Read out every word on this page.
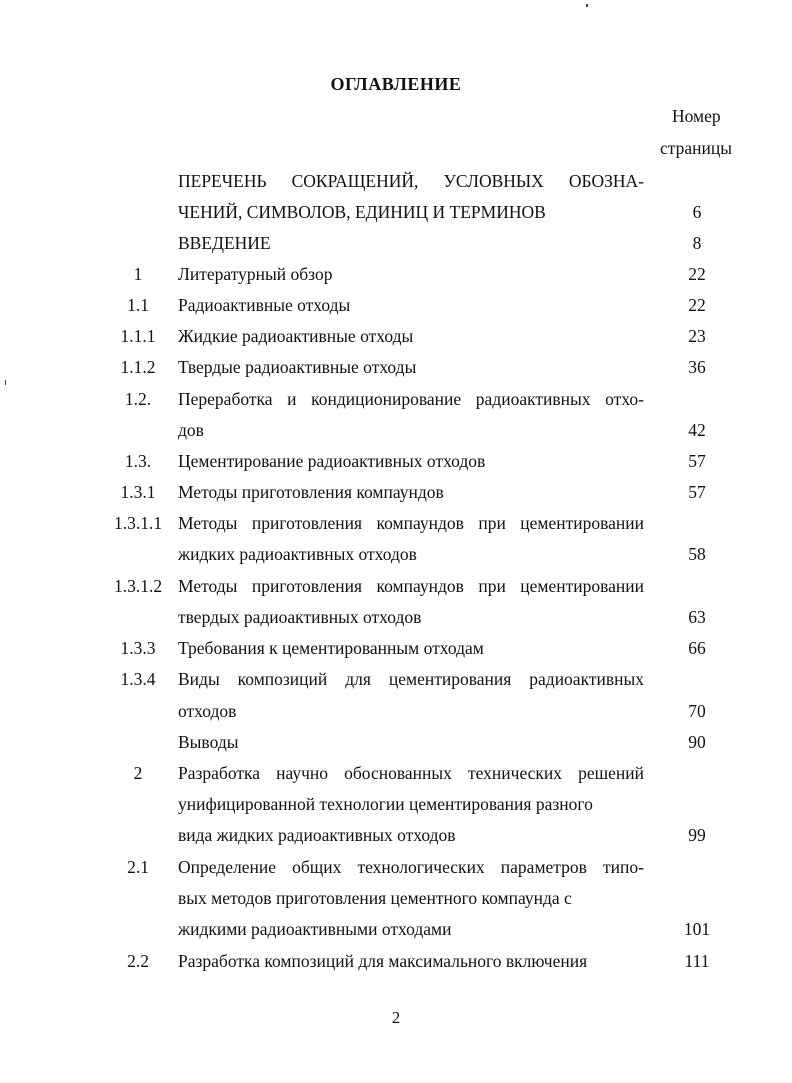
ОГЛАВЛЕНИЕ
Номер
страницы
ПЕРЕЧЕНЬ СОКРАЩЕНИЙ, УСЛОВНЫХ ОБОЗНА-
ЧЕНИЙ, СИМВОЛОВ, ЕДИНИЦ И ТЕРМИНОВ	6
ВВЕДЕНИЕ	8
1	Литературный обзор	22
1.1	Радиоактивные отходы	22
1.1.1	Жидкие радиоактивные отходы	23
1.1.2	Твердые радиоактивные отходы	36
1.2.	Переработка и кондиционирование радиоактивных отхо-
дов	42
1.3.	Цементирование радиоактивных отходов	57
1.3.1	Методы приготовления компаундов	57
1.3.1.1 Методы приготовления компаундов при цементировании
жидких радиоактивных отходов	58
1.3.1.2 Методы приготовления компаундов при цементировании
твердых радиоактивных отходов	63
1.3.3	Требования к цементированным отходам	66
1.3.4	Виды композиций для цементирования радиоактивных
отходов	70
Выводы	90
2	Разработка научно обоснованных технических решений
унифицированной технологии цементирования разного
вида жидких радиоактивных отходов	99
2.1	Определение общих технологических параметров типо-
вых методов приготовления цементного компаунда с
жидкими радиоактивными отходами	101
2.2	Разработка композиций для максимального включения	111
2
